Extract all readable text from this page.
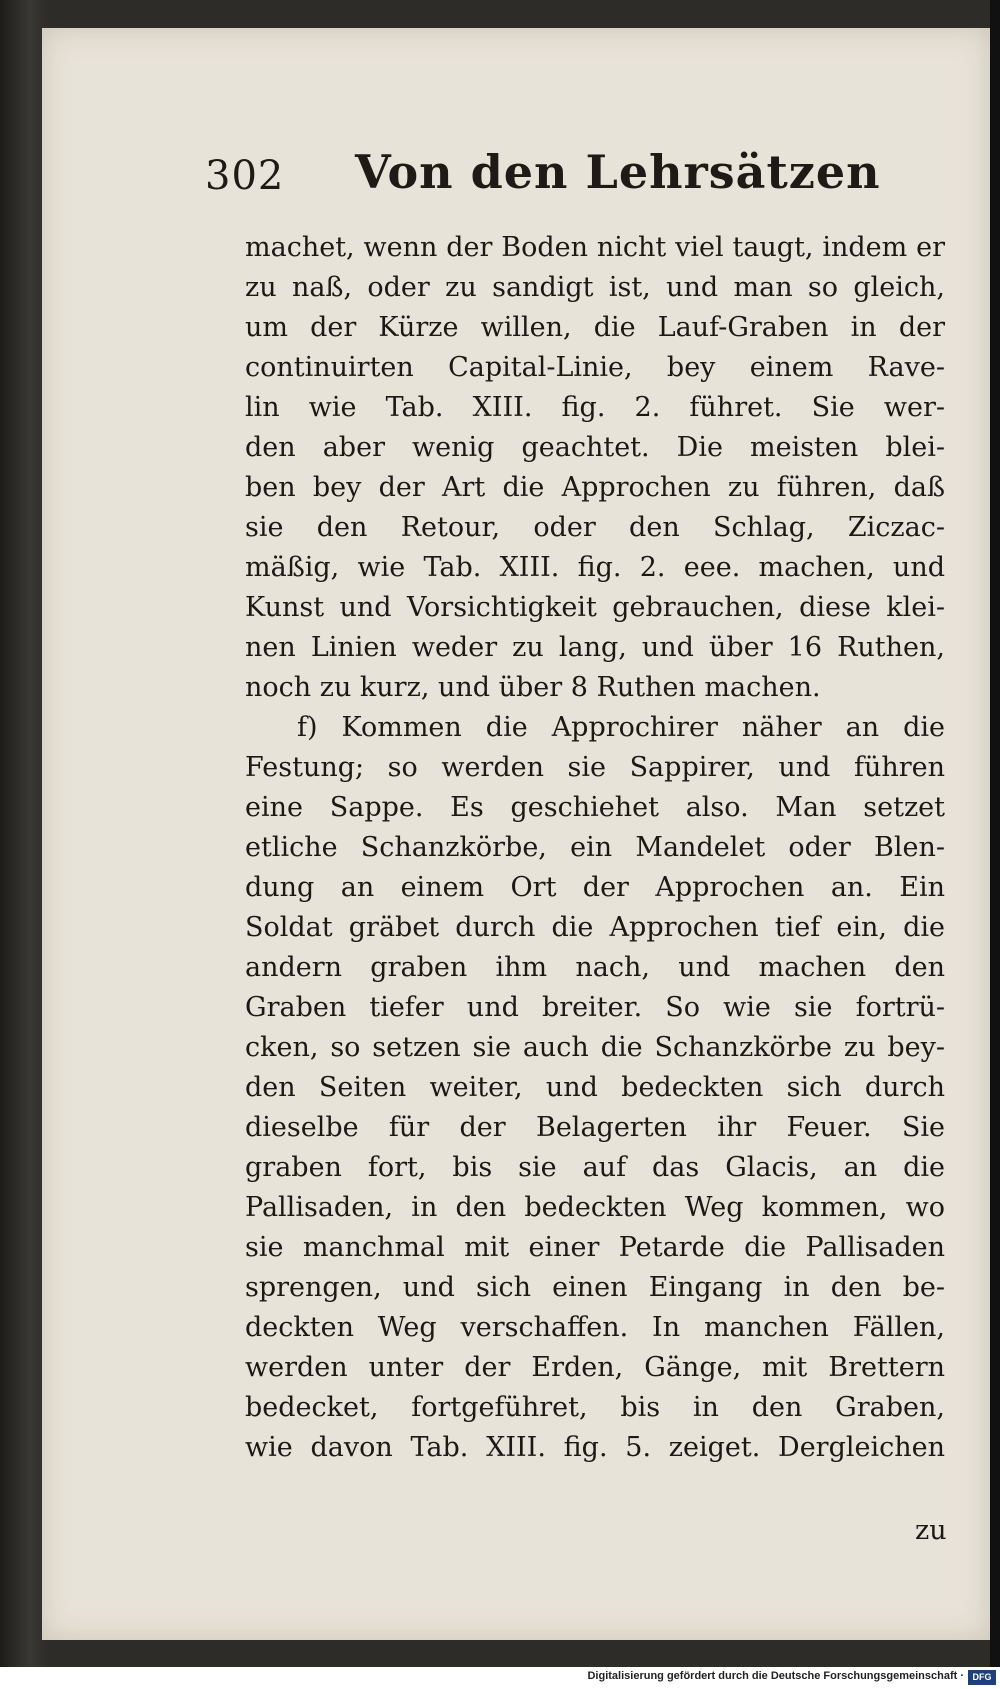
302 Von den Lehrsätzen
machet, wenn der Boden nicht viel taugt, indem er
zu naß, oder zu sandigt ist, und man so gleich,
um der Kürze willen, die Lauf-Graben in der
continuirten Capital-Linie, bey einem Rave-
lin wie Tab. XIII. fig. 2. führet. Sie wer-
den aber wenig geachtet. Die meisten blei-
ben bey der Art die Approchen zu führen, daß
sie den Retour, oder den Schlag, Ziczac-
mäßig, wie Tab. XIII. fig. 2. eee. machen, und
Kunst und Vorsichtigkeit gebrauchen, diese klei-
nen Linien weder zu lang, und über 16 Ruthen,
noch zu kurz, und über 8 Ruthen machen.
f) Kommen die Approchirer näher an die
Festung; so werden sie Sappirer, und führen
eine Sappe. Es geschiehet also. Man setzet
etliche Schanzkörbe, ein Mandelet oder Blen-
dung an einem Ort der Approchen an. Ein
Soldat gräbet durch die Approchen tief ein, die
andern graben ihm nach, und machen den
Graben tiefer und breiter. So wie sie fortrü-
cken, so setzen sie auch die Schanzkörbe zu bey-
den Seiten weiter, und bedeckten sich durch
dieselbe für der Belagerten ihr Feuer. Sie
graben fort, bis sie auf das Glacis, an die
Pallisaden, in den bedeckten Weg kommen, wo
sie manchmal mit einer Petarde die Pallisaden
sprengen, und sich einen Eingang in den be-
deckten Weg verschaffen. In manchen Fällen,
werden unter der Erden, Gänge, mit Brettern
bedecket, fortgeführet, bis in den Graben,
wie davon Tab. XIII. fig. 5. zeiget. Dergleichen
zu
Digitalisierung gefördert durch die Deutsche Forschungsgemeinschaft · DFG
